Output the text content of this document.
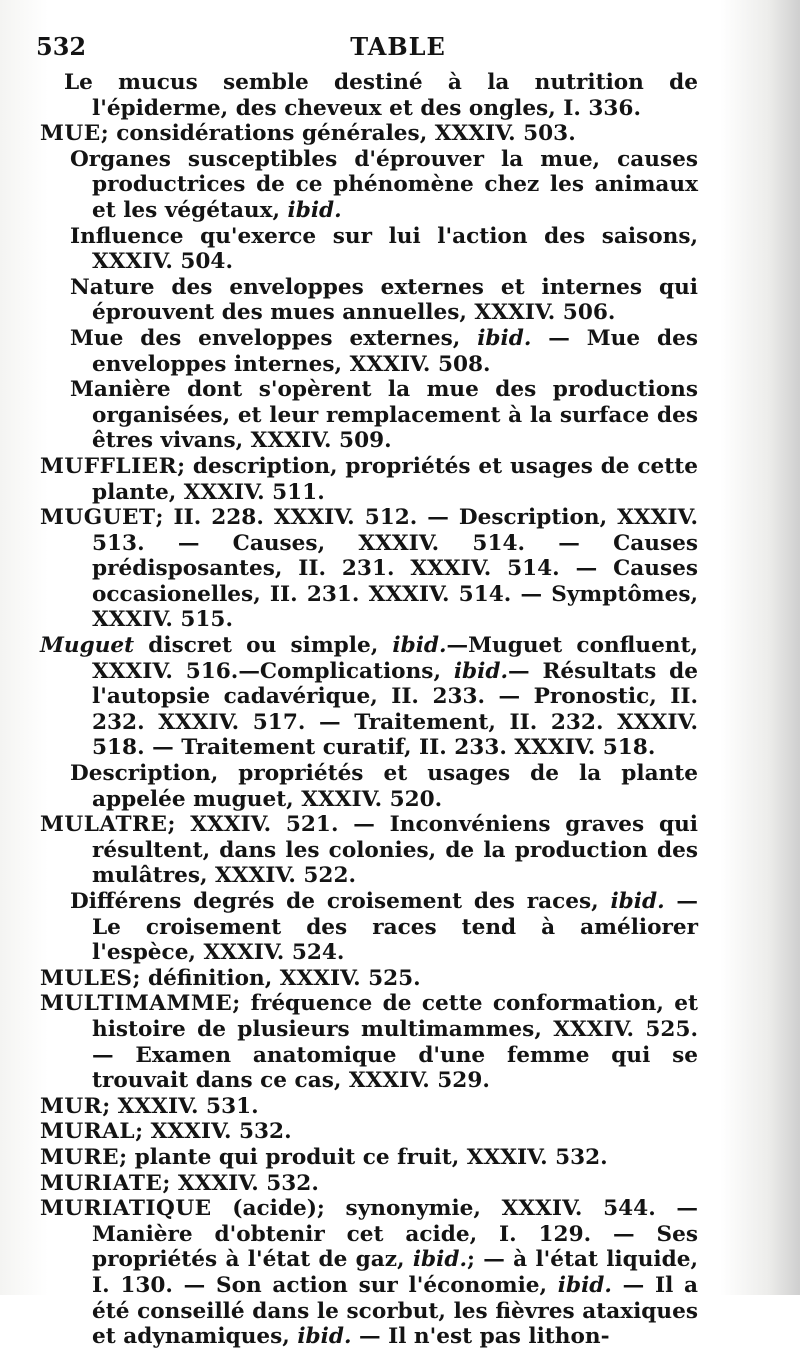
532	TABLE

Le mucus semble destiné à la nutrition de l'épiderme, des cheveux et des ongles, I. 336.

MUE; considérations générales, XXXIV. 503.

Organes susceptibles d'éprouver la mue, causes productrices de ce phénomène chez les animaux et les végétaux, ibid.

Influence qu'exerce sur lui l'action des saisons, XXXIV. 504.

Nature des enveloppes externes et internes qui éprouvent des mues annuelles, XXXIV. 506.

Mue des enveloppes externes, ibid. — Mue des enveloppes internes, XXXIV. 508.

Manière dont s'opèrent la mue des productions organisées, et leur remplacement à la surface des êtres vivans, XXXIV. 509.

MUFFLIER; description, propriétés et usages de cette plante, XXXIV. 511.

MUGUET; II. 228. XXXIV. 512. — Description, XXXIV. 513. — Causes, XXXIV. 514. — Causes prédisposantes, II. 231. XXXIV. 514. — Causes occasionelles, II. 231. XXXIV. 514. — Symptômes, XXXIV. 515.

Muguet discret ou simple, ibid.—Muguet confluent, XXXIV. 516.—Complications, ibid.— Résultats de l'autopsie cadavérique, II. 233. — Pronostic, II. 232. XXXIV. 517. — Traitement, II. 232. XXXIV. 518. — Traitement curatif, II. 233. XXXIV. 518.

Description, propriétés et usages de la plante appelée muguet, XXXIV. 520.

MULATRE; XXXIV. 521. — Inconvéniens graves qui résultent, dans les colonies, de la production des mulâtres, XXXIV. 522.

Différens degrés de croisement des races, ibid. — Le croisement des races tend à améliorer l'espèce, XXXIV. 524.

MULES; définition, XXXIV. 525.

MULTIMAMME; fréquence de cette conformation, et histoire de plusieurs multimammes, XXXIV. 525. — Examen anatomique d'une femme qui se trouvait dans ce cas, XXXIV. 529.

MUR; XXXIV. 531.

MURAL; XXXIV. 532.

MURE; plante qui produit ce fruit, XXXIV. 532.

MURIATE; XXXIV. 532.

MURIATIQUE (acide); synonymie, XXXIV. 544. — Manière d'obtenir cet acide, I. 129. — Ses propriétés à l'état de gaz, ibid.; — à l'état liquide, I. 130. — Son action sur l'économie, ibid. — Il a été conseillé dans le scorbut, les fièvres ataxiques et adynamiques, ibid. — Il n'est pas lithon-
